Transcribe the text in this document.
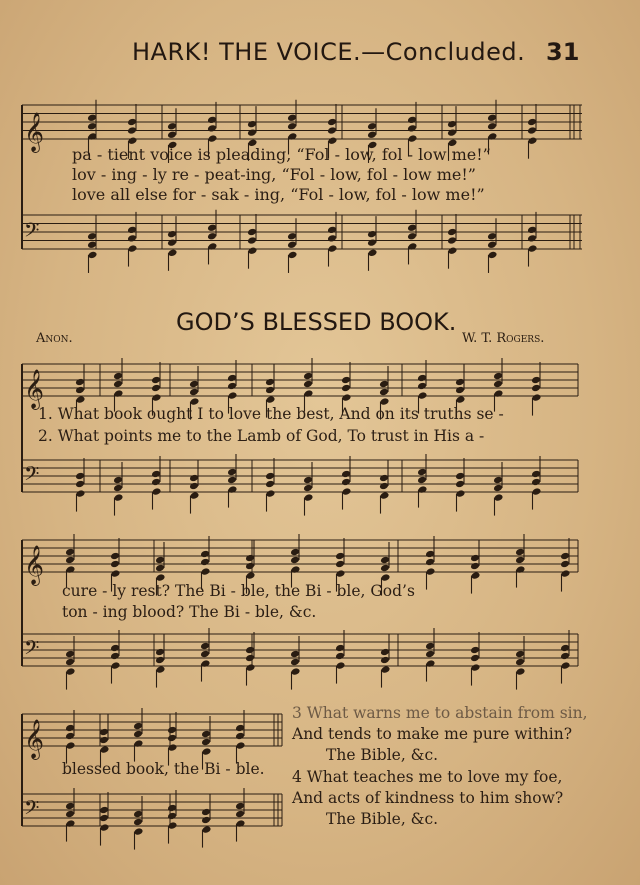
HARK! THE VOICE.—Concluded. 31
𝄞
𝄢
𝄞
𝄢
𝄞
𝄢
𝄞
𝄢
pa - tient voice is pleading, “Fol - low, fol - low me!”
lov - ing - ly re - peat-ing, “Fol - low, fol - low me!”
love all else for - sak - ing, “Fol - low, fol - low me!”
GOD’S BLESSED BOOK.
Anon.	W. T. Rogers.
1. What book ought I to love the best, And on its truths se -
2. What points me to the Lamb of God, To trust in His a -
cure - ly rest? The Bi - ble, the Bi - ble, God’s
ton - ing blood? The Bi - ble, &c.
blessed book, the Bi - ble.
3 What warns me to abstain from sin,
And tends to make me pure within?
The Bible, &c.
4 What teaches me to love my foe,
And acts of kindness to him show?
The Bible, &c.
